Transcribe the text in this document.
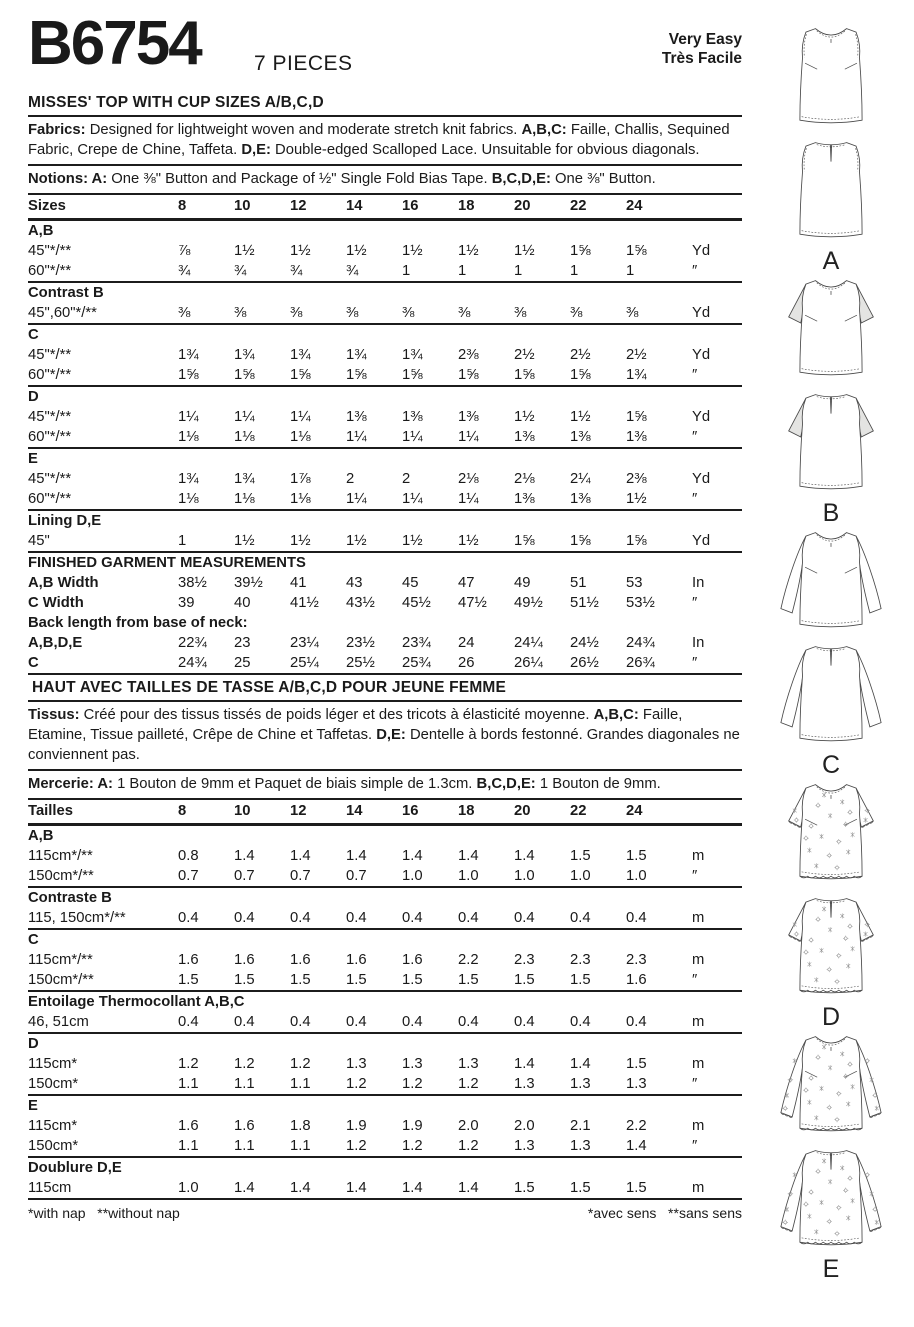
B6754	7 PIECES
Very Easy
Très Facile
MISSES' TOP WITH CUP SIZES A/B,C,D
Fabrics: Designed for lightweight woven and moderate stretch knit fabrics. A,B,C: Faille, Challis, Sequined Fabric, Crepe de Chine, Taffeta. D,E: Double-edged Scalloped Lace. Unsuitable for obvious diagonals.
Notions: A: One ⅜" Button and Package of ½" Single Fold Bias Tape. B,C,D,E: One ⅜" Button.
Sizes	8	10	12	14	16	18	20	22	24
A,B
45"*/**	⅞	1½	1½	1½	1½	1½	1½	1⅝	1⅝	Yd
60"*/**	¾	¾	¾	¾	1	1	1	1	1	″
Contrast B
45",60"*/**	⅜	⅜	⅜	⅜	⅜	⅜	⅜	⅜	⅜	Yd
C
45"*/**	1¾	1¾	1¾	1¾	1¾	2⅜	2½	2½	2½	Yd
60"*/**	1⅝	1⅝	1⅝	1⅝	1⅝	1⅝	1⅝	1⅝	1¾	″
D
45"*/**	1¼	1¼	1¼	1⅜	1⅜	1⅜	1½	1½	1⅝	Yd
60"*/**	1⅛	1⅛	1⅛	1¼	1¼	1¼	1⅜	1⅜	1⅜	″
E
45"*/**	1¾	1¾	1⅞	2	2	2⅛	2⅛	2¼	2⅜	Yd
60"*/**	1⅛	1⅛	1⅛	1¼	1¼	1¼	1⅜	1⅜	1½	″
Lining D,E
45"	1	1½	1½	1½	1½	1½	1⅝	1⅝	1⅝	Yd
FINISHED GARMENT MEASUREMENTS
A,B Width	38½	39½	41	43	45	47	49	51	53	In
C Width	39	40	41½	43½	45½	47½	49½	51½	53½	″
Back length from base of neck:
A,B,D,E	22¾	23	23¼	23½	23¾	24	24¼	24½	24¾	In
C	24¾	25	25¼	25½	25¾	26	26¼	26½	26¾	″
HAUT AVEC TAILLES DE TASSE A/B,C,D POUR JEUNE FEMME
Tissus: Créé pour des tissus tissés de poids léger et des tricots à élasticité moyenne. A,B,C: Faille, Etamine, Tissue pailleté, Crêpe de Chine et Taffetas. D,E: Dentelle à bords festonné. Grandes diagonales ne conviennent pas.
Mercerie: A: 1 Bouton de 9mm et Paquet de biais simple de 1.3cm. B,C,D,E: 1 Bouton de 9mm.
Tailles	8	10	12	14	16	18	20	22	24
A,B
115cm*/**	0.8	1.4	1.4	1.4	1.4	1.4	1.4	1.5	1.5	m
150cm*/**	0.7	0.7	0.7	0.7	1.0	1.0	1.0	1.0	1.0	″
Contraste B
115, 150cm*/**	0.4	0.4	0.4	0.4	0.4	0.4	0.4	0.4	0.4	m
C
115cm*/**	1.6	1.6	1.6	1.6	1.6	2.2	2.3	2.3	2.3	m
150cm*/**	1.5	1.5	1.5	1.5	1.5	1.5	1.5	1.5	1.6	″
Entoilage Thermocollant A,B,C
46, 51cm	0.4	0.4	0.4	0.4	0.4	0.4	0.4	0.4	0.4	m
D
115cm*	1.2	1.2	1.2	1.3	1.3	1.3	1.4	1.4	1.5	m
150cm*	1.1	1.1	1.1	1.2	1.2	1.2	1.3	1.3	1.3	″
E
115cm*	1.6	1.6	1.8	1.9	1.9	2.0	2.0	2.1	2.2	m
150cm*	1.1	1.1	1.1	1.2	1.2	1.2	1.3	1.3	1.4	″
Doublure D,E
115cm	1.0	1.4	1.4	1.4	1.4	1.4	1.5	1.5	1.5	m
*with nap   **without nap	*avec sens   **sans sens
A
B
C
D
E
